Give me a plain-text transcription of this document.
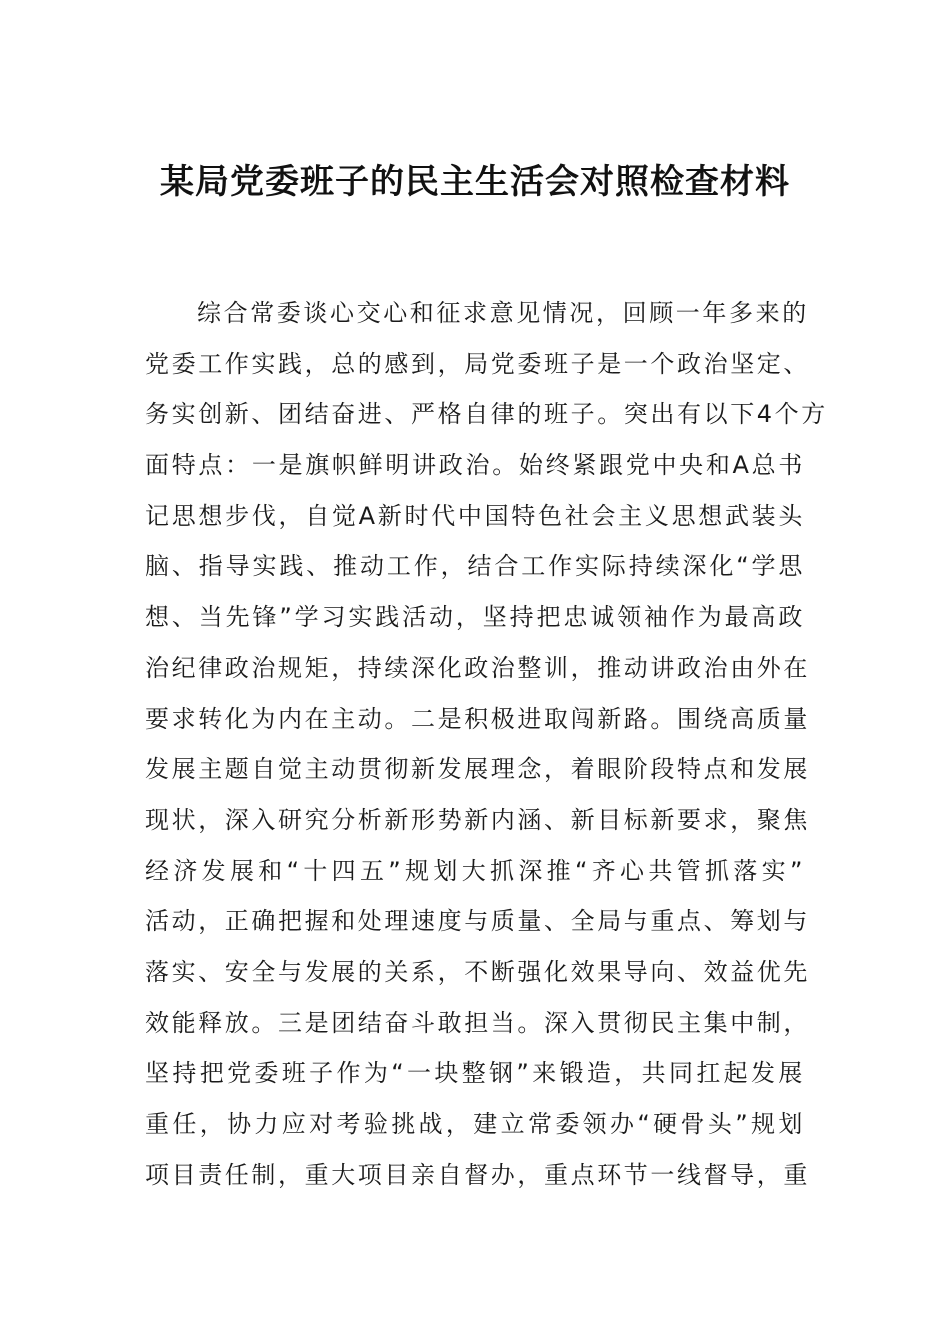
某局党委班子的民主生活会对照检查材料
综合常委谈心交心和征求意见情况，回顾一年多来的
党委工作实践，总的感到，局党委班子是一个政治坚定、
务实创新、团结奋进、严格自律的班子。突出有以下4个方
面特点：一是旗帜鲜明讲政治。始终紧跟党中央和A总书
记思想步伐，自觉A新时代中国特色社会主义思想武装头
脑、指导实践、推动工作，结合工作实际持续深化“学思
想、当先锋”学习实践活动，坚持把忠诚领袖作为最高政
治纪律政治规矩，持续深化政治整训，推动讲政治由外在
要求转化为内在主动。二是积极进取闯新路。围绕高质量
发展主题自觉主动贯彻新发展理念，着眼阶段特点和发展
现状，深入研究分析新形势新内涵、新目标新要求，聚焦
经济发展和“十四五”规划大抓深推“齐心共管抓落实”
活动，正确把握和处理速度与质量、全局与重点、筹划与
落实、安全与发展的关系，不断强化效果导向、效益优先
效能释放。三是团结奋斗敢担当。深入贯彻民主集中制，
坚持把党委班子作为“一块整钢”来锻造，共同扛起发展
重任，协力应对考验挑战，建立常委领办“硬骨头”规划
项目责任制，重大项目亲自督办，重点环节一线督导，重
